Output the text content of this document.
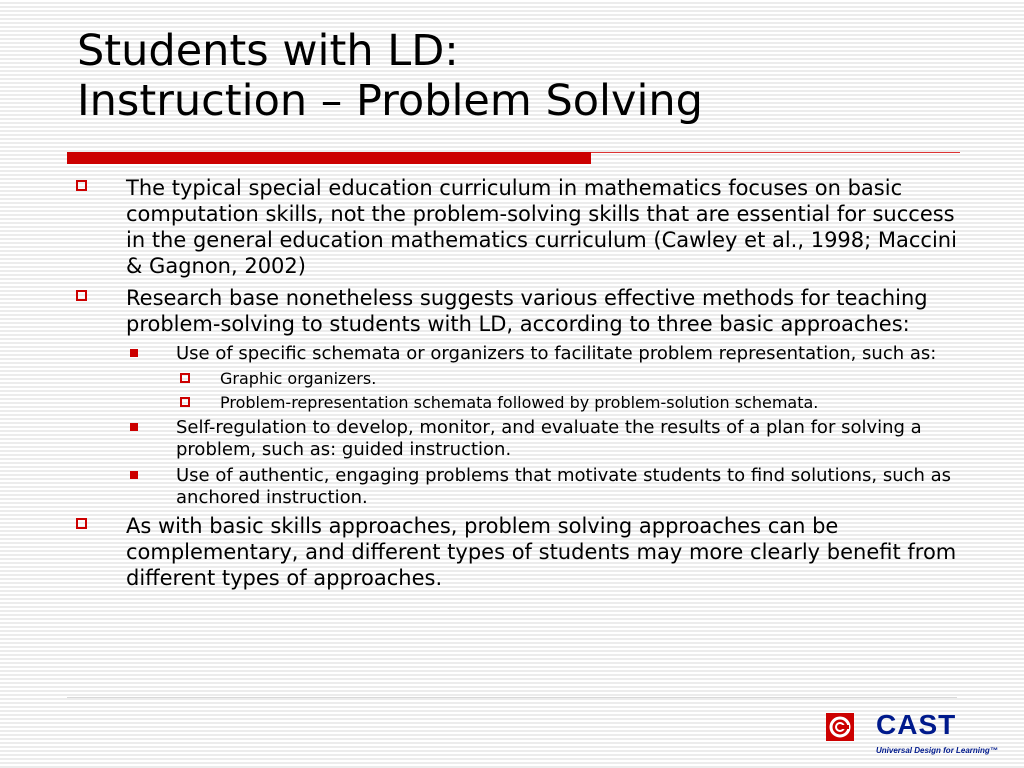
Students with LD:
Instruction – Problem Solving
The typical special education curriculum in mathematics focuses on basic computation skills, not the problem-solving skills that are essential for success in the general education mathematics curriculum (Cawley et al., 1998; Maccini & Gagnon, 2002)
Research base nonetheless suggests various effective methods for teaching problem-solving to students with LD, according to three basic approaches:
Use of specific schemata or organizers to facilitate problem representation, such as:
Graphic organizers.
Problem-representation schemata followed by problem-solution schemata.
Self-regulation to develop, monitor, and evaluate the results of a plan for solving a problem, such as: guided instruction.
Use of authentic, engaging problems that motivate students to find solutions, such as anchored instruction.
As with basic skills approaches, problem solving approaches can be complementary, and different types of students may more clearly benefit from different types of approaches.
CAST
Universal Design for Learning™
